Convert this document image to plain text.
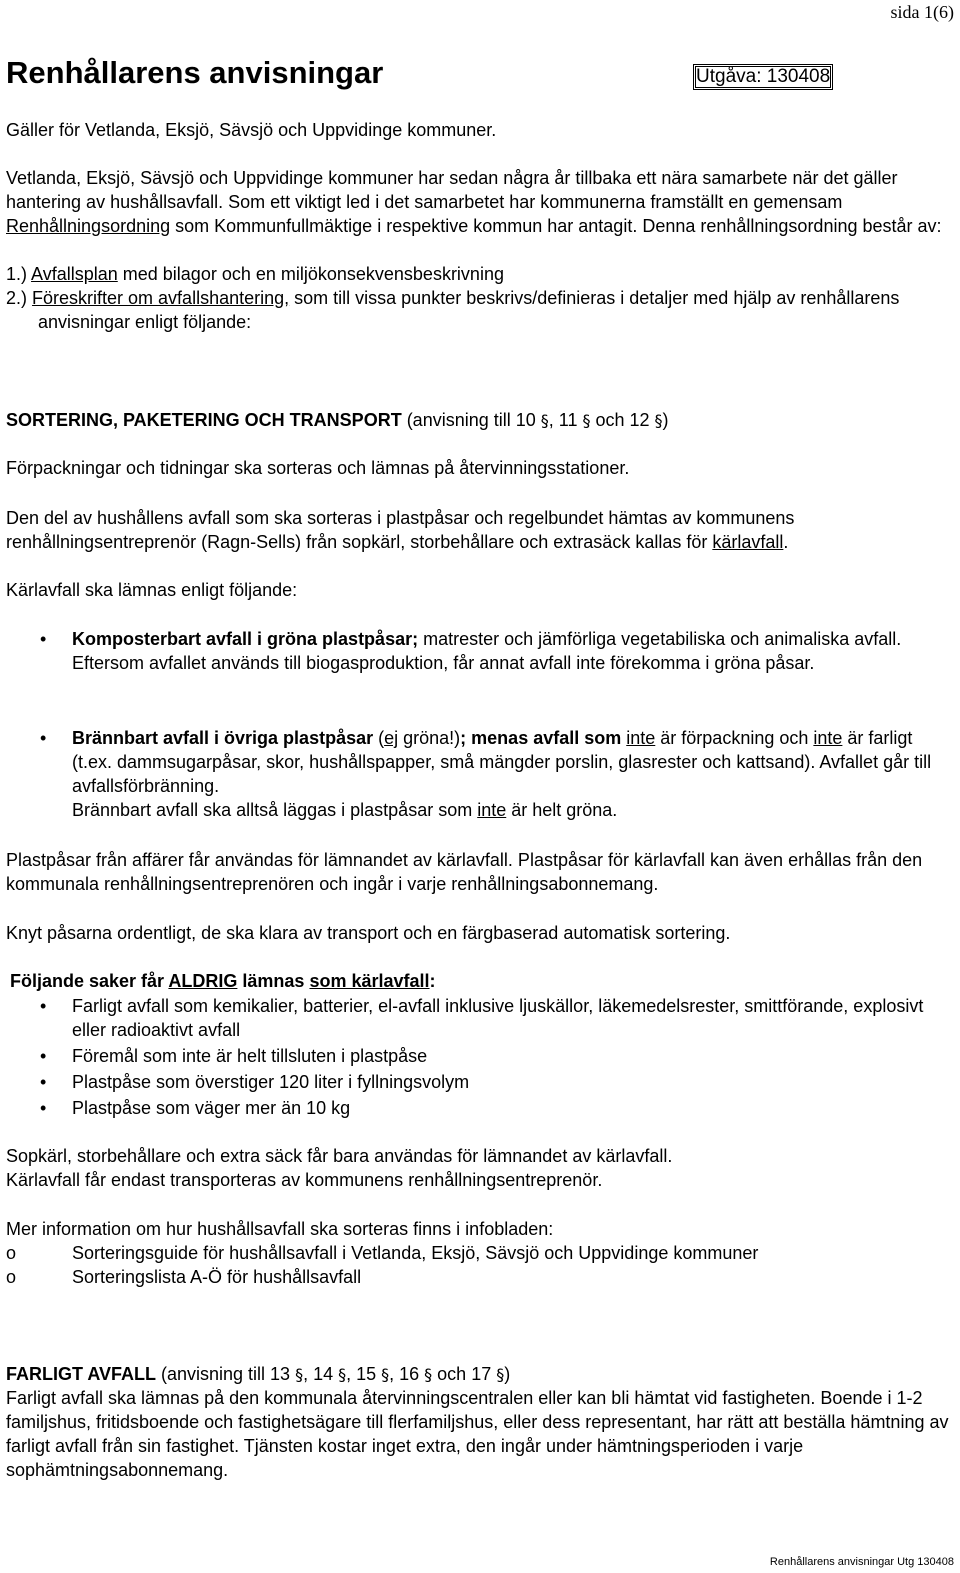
sida 1(6)
Renhållarens anvisningar	Utgåva: 130408
Gäller för Vetlanda, Eksjö, Sävsjö och Uppvidinge kommuner.
Vetlanda, Eksjö, Sävsjö och Uppvidinge kommuner har sedan några år tillbaka ett nära samarbete när det gäller hantering av hushållsavfall. Som ett viktigt led i det samarbetet har kommunerna framställt en gemensam Renhållningsordning som Kommunfullmäktige i respektive kommun har antagit. Denna renhållningsordning består av:
1.) Avfallsplan med bilagor och en miljökonsekvensbeskrivning
2.) Föreskrifter om avfallshantering, som till vissa punkter beskrivs/definieras i detaljer med hjälp av renhållarens anvisningar enligt följande:
SORTERING, PAKETERING OCH TRANSPORT (anvisning till 10 §, 11 § och 12 §)
Förpackningar och tidningar ska sorteras och lämnas på återvinningsstationer.
Den del av hushållens avfall som ska sorteras i plastpåsar och regelbundet hämtas av kommunens renhållningsentreprenör (Ragn-Sells) från sopkärl, storbehållare och extrasäck kallas för kärlavfall.
Kärlavfall ska lämnas enligt följande:
• Komposterbart avfall i gröna plastpåsar; matrester och jämförliga vegetabiliska och animaliska avfall. Eftersom avfallet används till biogasproduktion, får annat avfall inte förekomma i gröna påsar.
• Brännbart avfall i övriga plastpåsar (ej gröna!); menas avfall som inte är förpackning och inte är farligt (t.ex. dammsugarpåsar, skor, hushållspapper, små mängder porslin, glasrester och kattsand). Avfallet går till avfallsförbränning.
Brännbart avfall ska alltså läggas i plastpåsar som inte är helt gröna.
Plastpåsar från affärer får användas för lämnandet av kärlavfall. Plastpåsar för kärlavfall kan även erhållas från den kommunala renhållningsentreprenören och ingår i varje renhållningsabonnemang.
Knyt påsarna ordentligt, de ska klara av transport och en färgbaserad automatisk sortering.
Följande saker får ALDRIG lämnas som kärlavfall:
• Farligt avfall som kemikalier, batterier, el-avfall inklusive ljuskällor, läkemedelsrester, smittförande, explosivt eller radioaktivt avfall
• Föremål som inte är helt tillsluten i plastpåse
• Plastpåse som överstiger 120 liter i fyllningsvolym
• Plastpåse som väger mer än 10 kg
Sopkärl, storbehållare och extra säck får bara användas för lämnandet av kärlavfall.
Kärlavfall får endast transporteras av kommunens renhållningsentreprenör.
Mer information om hur hushållsavfall ska sorteras finns i infobladen:
o	Sorteringsguide för hushållsavfall i Vetlanda, Eksjö, Sävsjö och Uppvidinge kommuner
o	Sorteringslista A-Ö för hushållsavfall
FARLIGT AVFALL (anvisning till 13 §, 14 §, 15 §, 16 § och 17 §)
Farligt avfall ska lämnas på den kommunala återvinningscentralen eller kan bli hämtat vid fastigheten. Boende i 1-2 familjshus, fritidsboende och fastighetsägare till flerfamiljshus, eller dess representant, har rätt att beställa hämtning av farligt avfall från sin fastighet. Tjänsten kostar inget extra, den ingår under hämtningsperioden i varje sophämtningsabonnemang.
Renhållarens anvisningar Utg 130408
